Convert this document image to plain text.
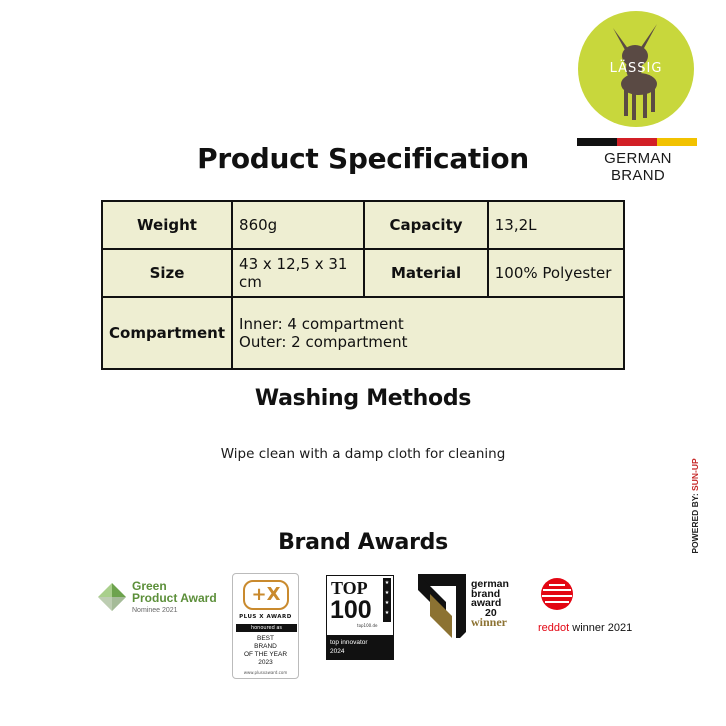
LÄSSIG
GERMAN BRAND
Product Specification
Weight	860g	Capacity	13,2L
Size	43 x 12,5 x 31 cm	Material	100% Polyester
Compartment	Inner: 4 compartment
Outer: 2 compartment		
Washing Methods
Wipe clean with a damp cloth for cleaning
POWERED BY: SUN-UP
Brand Awards
Green
Product Award
Nominee 2021
+X
PLUS X AWARD
honoured as
BEST
BRAND
OF THE YEAR
2023
www.plusxaward.com
TOP
100
top100.de
★
★
★
★
top innovator
2024
german
brand
award
20
winner	reddot winner 2021
